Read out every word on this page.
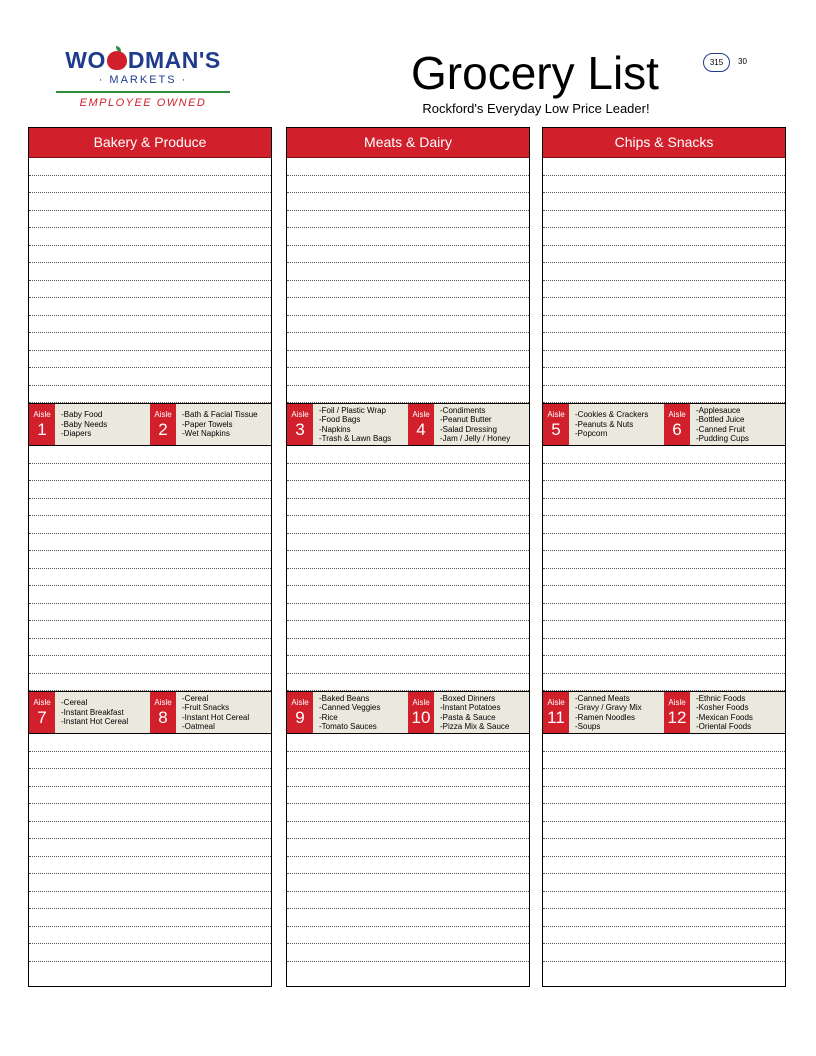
WO DMAN'S
· MARKETS ·
EMPLOYEE OWNED
Grocery List
Rockford's Everyday Low Price Leader!
315	30
Bakery & Produce
Aisle
1
-Baby Food
-Baby Needs
-Diapers
Aisle
2
-Bath & Facial Tissue
-Paper Towels
-Wet Napkins
Aisle
7
-Cereal
-Instant Breakfast
-Instant Hot Cereal
Aisle
8
-Cereal
-Fruit Snacks
-Instant Hot Cereal
-Oatmeal
Meats & Dairy
Aisle
3
-Foil / Plastic Wrap
-Food Bags
-Napkins
-Trash & Lawn Bags
Aisle
4
-Condiments
-Peanut Butter
-Salad Dressing
-Jam / Jelly / Honey
Aisle
9
-Baked Beans
-Canned Veggies
-Rice
-Tomato Sauces
Aisle
10
-Boxed Dinners
-Instant Potatoes
-Pasta & Sauce
-Pizza Mix & Sauce
Chips & Snacks
Aisle
5
-Cookies & Crackers
-Peanuts & Nuts
-Popcorn
Aisle
6
-Applesauce
-Bottled Juice
-Canned Fruit
-Pudding Cups
Aisle
11
-Canned Meats
-Gravy / Gravy Mix
-Ramen Noodles
-Soups
Aisle
12
-Ethnic Foods
-Kosher Foods
-Mexican Foods
-Oriental Foods
